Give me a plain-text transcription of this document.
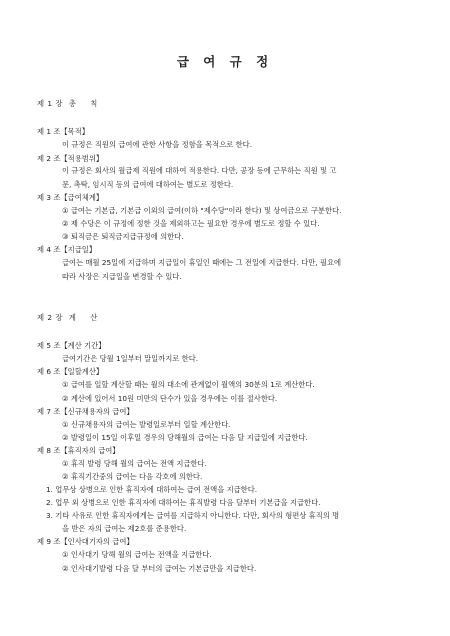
급 여 규 정
제 1 장 총 칙
제 1 조【목적】
이 규정은 직원의 급여에 관한 사항을 정함을 목적으로 한다.
제 2 조【적용범위】
이 규정은 회사의 월급제 직원에 대하여 적용한다. 다만, 공장 등에 근무하는 직원 및 고
문, 촉탁, 임시직 등의 급여에 대하여는 별도로 정한다.
제 3 조【급여체계】
① 급여는 기본급, 기본급 이외의 급여(이하 "제수당"이라 한다) 및 상여금으로 구분한다.
② 제 수당은 이 규정에 정한 것을 제외하고는 필요한 경우에 별도로 정할 수 있다.
③ 퇴직금은 퇴직금지급규정에 의한다.
제 4 조【지급일】
급여는 매월 25일에 지급하며 지급일이 휴일인 때에는 그 전일에 지급한다. 다만, 필요에
따라 사장은 지급일을 변경할 수 있다.
제 2 장 계 산
제 5 조【계산 기간】
급여기간은 당월 1일부터 말일까지로 한다.
제 6 조【일할계산】
① 급여를 일할 계산할 때는 월의 대소에 관계없이 월액의 30분의 1로 계산한다.
② 계산에 있어서 10원 미만의 단수가 있을 경우에는 이를 절사한다.
제 7 조【신규채용자의 급여】
① 신규채용자의 급여는 발령일로부터 일할 계산한다.
② 발령일이 15일 이후일 경우의 당해월의 급여는 다음 달 지급일에 지급한다.
제 8 조【휴직자의 급여】
① 휴직 발령 당해 월의 급여는 전액 지급한다.
② 휴직기간중의 급여는 다음 각호에 의한다.
1. 업무상 상병으로 인한 휴직자에 대하여는 급여 전액을 지급한다.
2. 업무 외 상병으로 인한 휴직자에 대하여는 휴직발령 다음 달부터 기본급을 지급한다.
3. 기타 사유로 인한 휴직자에게는 급여를 지급하지 아니한다. 다만, 회사의 형편상 휴직의 명
을 받은 자의 급여는 제2호를 준용한다.
제 9 조【인사대기자의 급여】
① 인사대기 당해 월의 급여는 전액을 지급한다.
② 인사대기발령 다음 달 부터의 급여는 기본급만을 지급한다.
